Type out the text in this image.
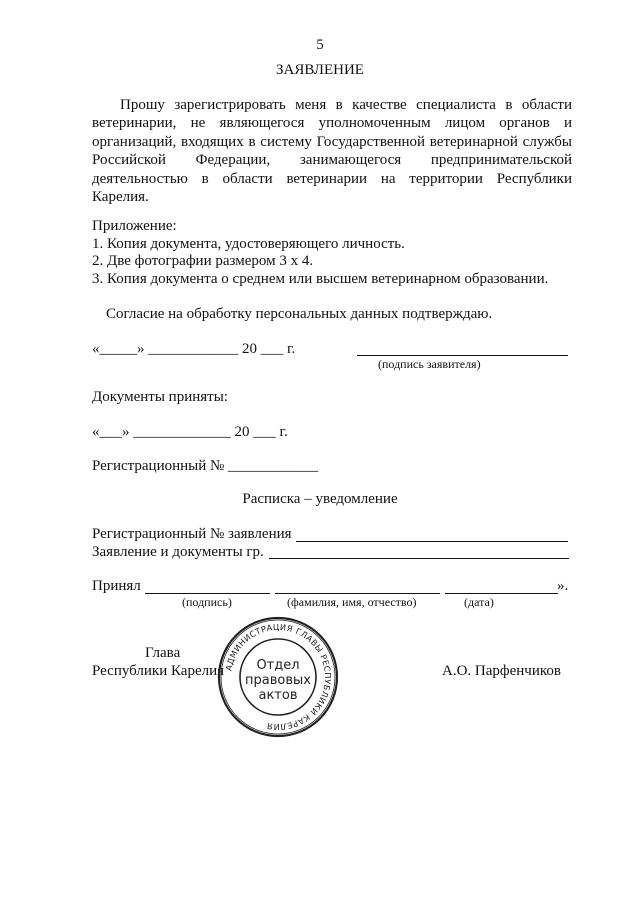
5
ЗАЯВЛЕНИЕ
Прошу зарегистрировать меня в качестве специалиста в области
ветеринарии, не являющегося уполномоченным лицом органов и
организаций, входящих в систему Государственной ветеринарной службы
Российской Федерации, занимающегося предпринимательской
деятельностью в области ветеринарии на территории Республики
Карелия.
Приложение:
1. Копия документа, удостоверяющего личность.
2. Две фотографии размером 3 х 4.
3. Копия документа о среднем или высшем ветеринарном образовании.
Согласие на обработку персональных данных подтверждаю.
«_____» ____________ 20 ___ г.
(подпись заявителя)
Документы приняты:
«___» _____________ 20 ___ г.
Регистрационный № ____________
Расписка – уведомление
Регистрационный № заявления
Заявление и документы гр.
Принял	».
(подпись)	(фамилия, имя, отчество)	(дата)
Глава
Республики Карелия	А.О. Парфенчиков
АДМИНИСТРАЦИЯ ГЛАВЫ РЕСПУБЛИКИ КАРЕЛИЯ
Отдел
правовых
актов
